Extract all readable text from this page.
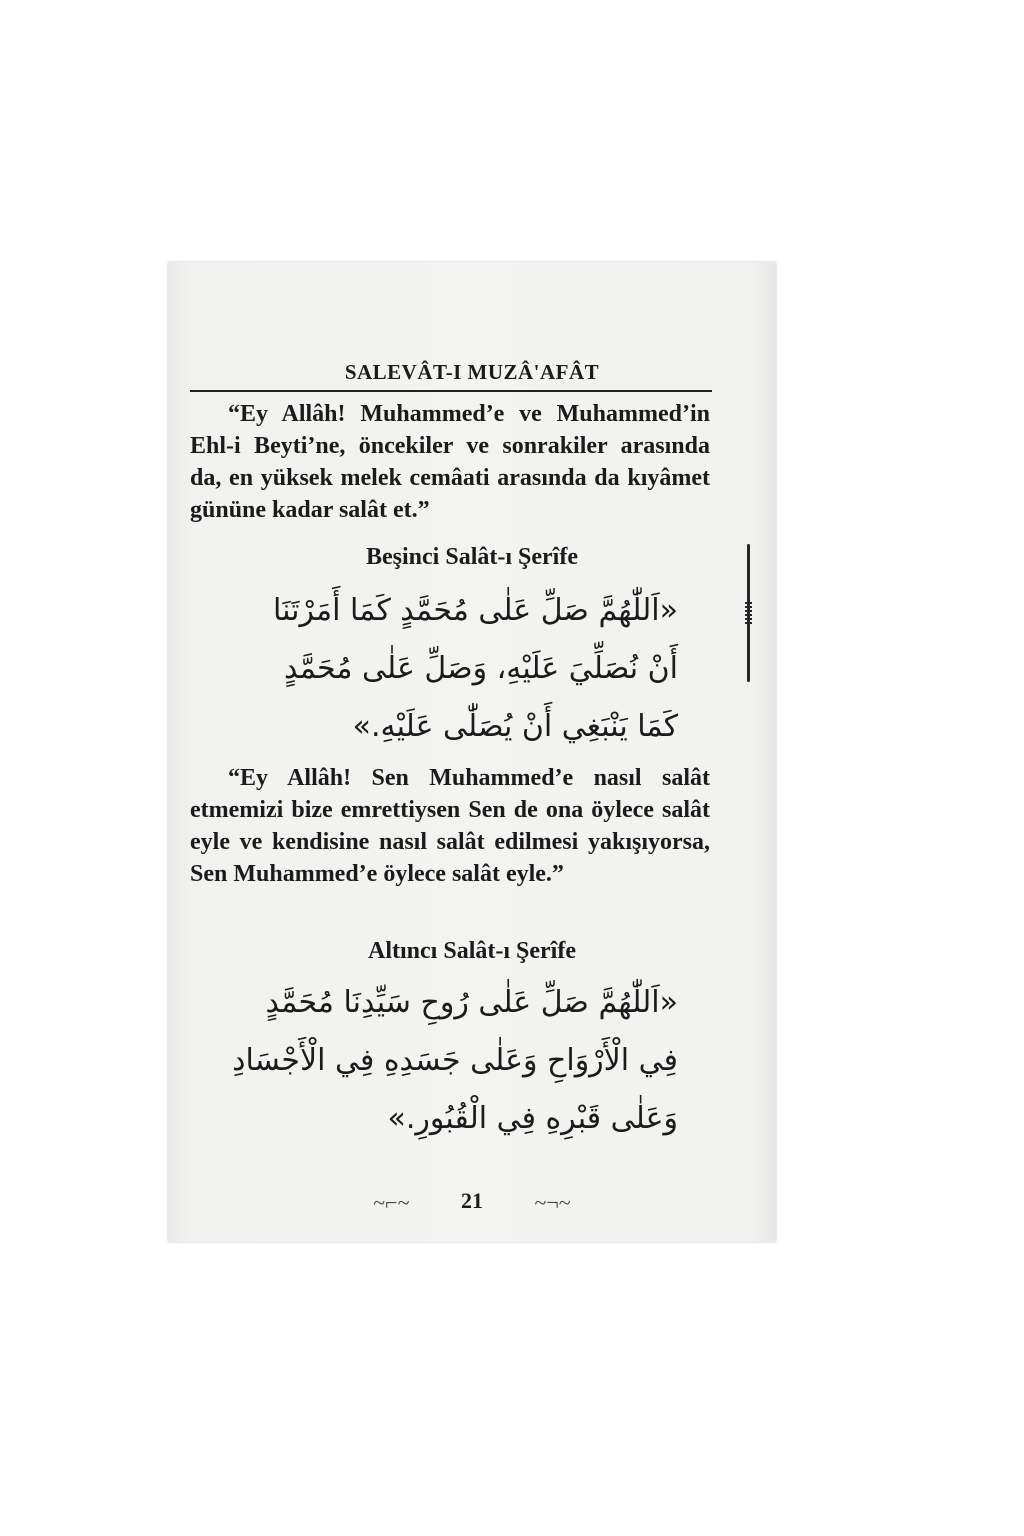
SALEVÂT-I MUZÂ'AFÂT

“Ey Allâh! Muhammed’e ve Muhammed’in Ehl-i Beyti’ne, öncekiler ve sonrakiler arasında da, en yüksek melek cemâati arasında da kıyâmet gününe kadar salât et.”

Beşinci Salât-ı Şerîfe
«اَللّٰهُمَّ صَلِّ عَلٰى مُحَمَّدٍ كَمَا أَمَرْتَنَا
أَنْ نُصَلِّيَ عَلَيْهِ، وَصَلِّ عَلٰى مُحَمَّدٍ
كَمَا يَنْبَغِي أَنْ يُصَلّٰى عَلَيْهِ.»

“Ey Allâh! Sen Muhammed’e nasıl salât etmemizi bize emrettiysen Sen de ona öylece salât eyle ve kendisine nasıl salât edilmesi yakışıyorsa, Sen Muhammed’e öylece salât eyle.”

Altıncı Salât-ı Şerîfe
«اَللّٰهُمَّ صَلِّ عَلٰى رُوحِ سَيِّدِنَا مُحَمَّدٍ
فِي الْأَرْوَاحِ وَعَلٰى جَسَدِهِ فِي الْأَجْسَادِ
وَعَلٰى قَبْرِهِ فِي الْقُبُورِ.»
~⌐~ 21 ~¬~
